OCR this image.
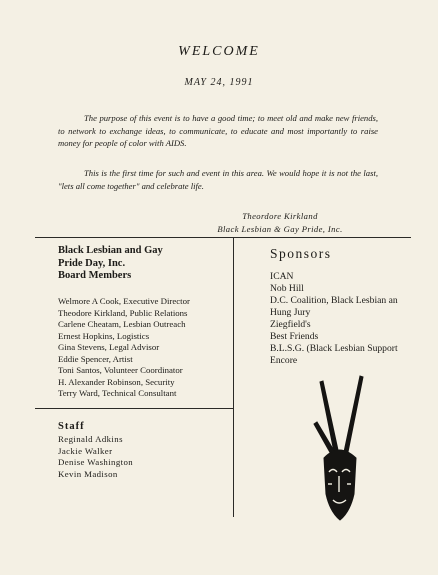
WELCOME
MAY 24, 1991

The purpose of this event is to have a good time; to meet old and make new friends, to network to exchange ideas, to communicate, to educate and most importantly to raise money for people of color with AIDS.

This is the first time for such and event in this area. We would hope it is not the last, "lets all come together" and celebrate life.

Theordore Kirkland
Black Lesbian & Gay Pride, Inc.
Black Lesbian and Gay
Pride Day, Inc.
Board Members
Welmore A Cook, Executive Director
Theodore Kirkland, Public Relations
Carlene Cheatam, Lesbian Outreach
Ernest Hopkins, Logistics
Gina Stevens, Legal Advisor
Eddie Spencer, Artist
Toni Santos, Volunteer Coordinator
H. Alexander Robinson, Security
Terry Ward, Technical Consultant
Staff
Reginald Adkins
Jackie Walker
Denise Washington
Kevin Madison
Sponsors
ICAN
Nob Hill
D.C. Coalition, Black Lesbian an
Hung Jury
Ziegfield's
Best Friends
B.L.S.G. (Black Lesbian Support
Encore
